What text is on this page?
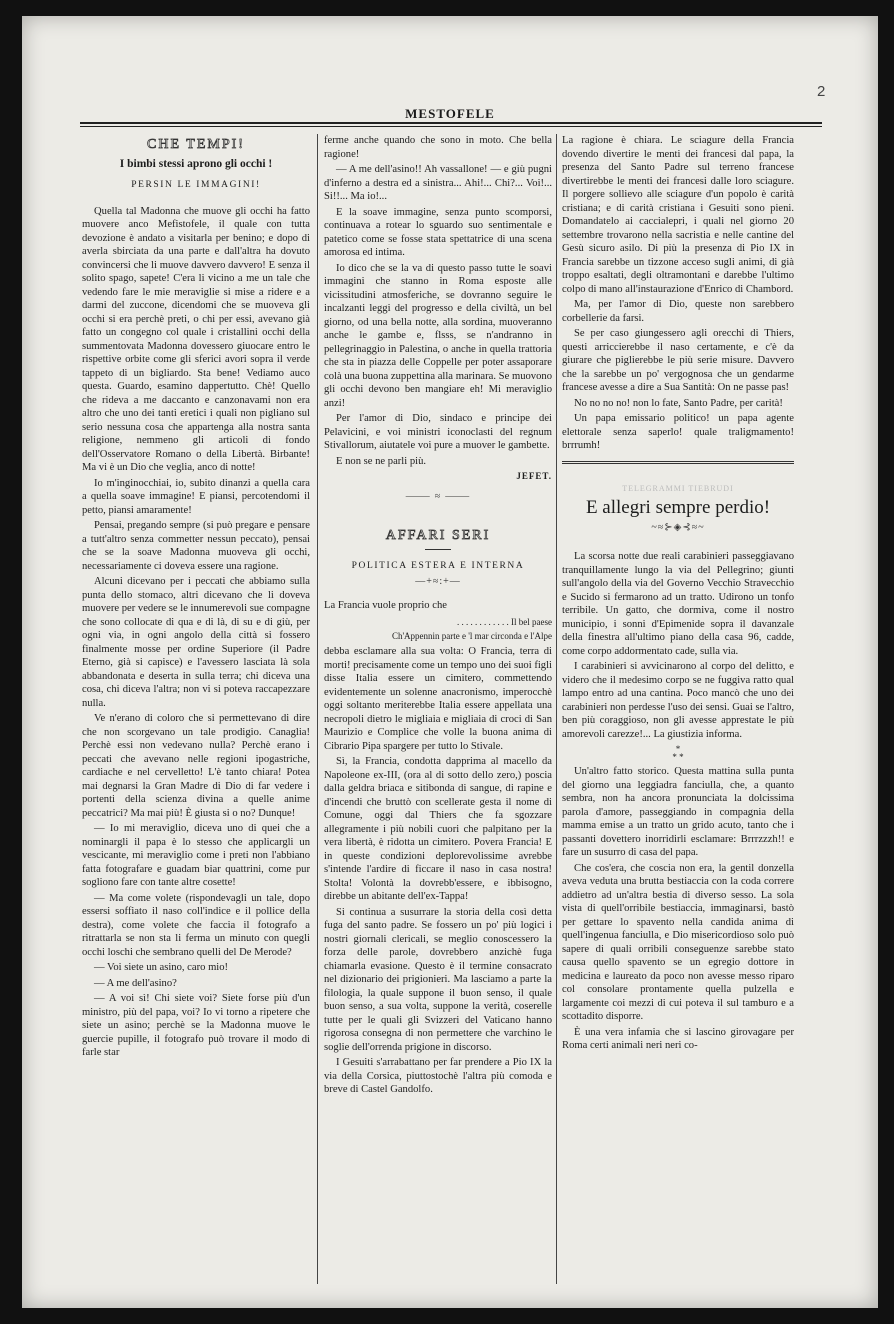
2
MESTOFELE
CHE TEMPI!
I bimbi stessi aprono gli occhi !
PERSIN LE IMMAGINI!

Quella tal Madonna che muove gli occhi ha fatto muovere anco Mefistofele, il quale con tutta devozione è andato a visitarla per benino; e dopo di averla sbirciata da una parte e dall'altra ha dovuto convincersi che li muove davvero davvero! E senza il solito spago, sapete! C'era li vicino a me un tale che vedendo fare le mie meraviglie si mise a ridere e a darmi del zuccone, dicendomi che se muoveva gli occhi si era perchè preti, o chi per essi, avevano già fatto un congegno col quale i cristallini occhi della summentovata Madonna dovessero giuocare entro le rispettive orbite come gli sferici avori sopra il verde tappeto di un bigliardo. Sta bene! Vediamo auco questa. Guardo, esamino dappertutto. Chè! Quello che rideva a me daccanto e canzonavami non era altro che uno dei tanti eretici i quali non pigliano sul serio nessuna cosa che appartenga alla nostra santa religione, nemmeno gli articoli di fondo dell'Osservatore Romano o della Libertà. Birbante! Ma vi è un Dio che veglia, anco di notte!

Io m'inginocchiai, io, subito dinanzi a quella cara a quella soave immagine! E piansi, percotendomi il petto, piansi amaramente!

Pensai, pregando sempre (si può pregare e pensare a tutt'altro senza commetter nessun peccato), pensai che se la soave Madonna muoveva gli occhi, necessariamente ci doveva essere una ragione.

Alcuni dicevano per i peccati che abbiamo sulla punta dello stomaco, altri dicevano che li doveva muovere per vedere se le innumerevoli sue compagne che sono collocate di qua e di là, di su e di giù, per ogni via, in ogni angolo della città si fossero finalmente mosse per ordine Superiore (il Padre Eterno, già si capisce) e l'avessero lasciata là sola abbandonata e deserta in sulla terra; chi diceva una cosa, chi diceva l'altra; non vi si poteva raccapezzare nulla.

Ve n'erano di coloro che si permettevano di dire che non scorgevano un tale prodigio. Canaglia! Perchè essi non vedevano nulla? Perchè erano i peccati che avevano nelle regioni ipogastriche, cardiache e nel cervelletto! L'è tanto chiara! Potea mai degnarsi la Gran Madre di Dio di far vedere i portenti della scienza divina a quelle anime peccatrici? Ma mai più! È giusta si o no? Dunque!

— Io mi meraviglio, diceva uno di quei che a nominargli il papa è lo stesso che applicargli un vescicante, mi meraviglio come i preti non l'abbiano fatta fotografare e guadam biar quattrini, come pur sogliono fare con tante altre cosette!

— Ma come volete (rispondevagli un tale, dopo essersi soffiato il naso coll'indice e il pollice della destra), come volete che faccia il fotografo a ritrattarla se non sta li ferma un minuto con quegli occhi loschi che sembrano quelli del De Merode?

— Voi siete un asino, caro mio!

— A me dell'asino?

— A voi sì! Chi siete voi? Siete forse più d'un ministro, più del papa, voi? Io vi torno a ripetere che siete un asino; perchè se la Madonna muove le guercie pupille, il fotografo può trovare il modo di farle star

ferme anche quando che sono in moto. Che bella ragione!

— A me dell'asino!! Ah vassallone! — e giù pugni d'inferno a destra ed a sinistra... Ahi!... Chi?... Voi!... Si!!... Ma io!...

E la soave immagine, senza punto scomporsi, continuava a rotear lo sguardo suo sentimentale e patetico come se fosse stata spettatrice di una scena amorosa ed intima.

Io dico che se la va di questo passo tutte le soavi immagini che stanno in Roma esposte alle vicissitudini atmosferiche, se dovranno seguire le incalzanti leggi del progresso e della civiltà, un bel giorno, od una bella notte, alla sordina, muoveranno anche le gambe e, flsss, se n'andranno in pellegrinaggio in Palestina, o anche in quella trattoria che sta in piazza delle Coppelle per poter assaporare colà una buona zuppettina alla marinara. Se muovono gli occhi devono ben mangiare eh! Mi meraviglio anzi!

Per l'amor di Dio, sindaco e principe dei Pelavicini, e voi ministri iconoclasti del regnum Stivallorum, aiutatele voi pure a muover le gambette.

E non se ne parli più.

JEFET.
⸻ ≈ ⸻
AFFARI SERI
POLITICA ESTERA E INTERNA
—+≈:+—
La Francia vuole proprio che
. . . . . . . . . . . . Il bel paese
Ch'Appennin parte e 'l mar circonda e l'Alpe

debba esclamare alla sua volta: O Francia, terra di morti! precisamente come un tempo uno dei suoi figli disse Italia essere un cimitero, commettendo evidentemente un solenne anacronismo, imperocchè oggi soltanto meriterebbe Italia essere appellata una necropoli dietro le migliaia e migliaia di croci di San Maurizio e Complice che volle la buona anima di Cibrario Pipa spargere per tutto lo Stivale.

Sì, la Francia, condotta dapprima al macello da Napoleone ex-III, (ora al di sotto dello zero,) poscia dalla geldra briaca e sitibonda di sangue, di rapine e d'incendi che bruttò con scellerate gesta il nome di Comune, oggi dal Thiers che fa sgozzare allegramente i più nobili cuori che palpitano per la vera libertà, è ridotta un cimitero. Povera Francia! E in queste condizioni deplorevolissime avrebbe s'intende l'ardire di ficcare il naso in casa nostra! Stolta! Volontà la dovrebb'essere, e ibbisogno, direbbe un abitante dell'ex-Tappa!

Si continua a susurrare la storia della così detta fuga del santo padre. Se fossero un po' più logici i nostri giornali clericali, se meglio conoscessero la forza delle parole, dovrebbero anzichè fuga chiamarla evasione. Questo è il termine consacrato nel dizionario dei prigionieri. Ma lasciamo a parte la filologia, la quale suppone il buon senso, il quale buon senso, a sua volta, suppone la verità, coserelle tutte per le quali gli Svizzeri del Vaticano hanno rigorosa consegna di non permettere che varchino le soglie dell'orrenda prigione in discorso.

I Gesuiti s'arrabattano per far prendere a Pio IX la via della Corsica, piuttostochè l'altra più comoda e breve di Castel Gandolfo.

La ragione è chiara. Le sciagure della Francia dovendo divertire le menti dei francesi dal papa, la presenza del Santo Padre sul terreno francese divertirebbe le menti dei francesi dalle loro sciagure. Il porgere sollievo alle sciagure d'un popolo è carità cristiana; e di carità cristiana i Gesuiti sono pieni. Domandatelo ai caccialepri, i quali nel giorno 20 settembre trovarono nella sacristia e nelle cantine del Gesù sicuro asilo. Di più la presenza di Pio IX in Francia sarebbe un tizzone acceso sugli animi, di già troppo esaltati, degli oltramontani e darebbe l'ultimo colpo di mano all'instaurazione d'Enrico di Chambord.

Ma, per l'amor di Dio, queste non sarebbero corbellerie da farsi.

Se per caso giungessero agli orecchi di Thiers, questi arriccierebbe il naso certamente, e c'è da giurare che piglierebbe le più serie misure. Davvero che la sarebbe un po' vergognosa che un gendarme francese avesse a dire a Sua Santità: On ne passe pas!

No no no no! non lo fate, Santo Padre, per carità!

Un papa emissario politico! un papa agente elettorale senza saperlo! quale traligmamento! brrrumh!

TELEGRAMMI TIEBRUDI
E allegri sempre perdio!
~≈⊱◈⊰≈~

La scorsa notte due reali carabinieri passeggiavano tranquillamente lungo la via del Pellegrino; giunti sull'angolo della via del Governo Vecchio Stravecchio e Sucido si fermarono ad un tratto. Udirono un tonfo terribile. Un gatto, che dormiva, come il nostro municipio, i sonni d'Epimenide sopra il davanzale della finestra all'ultimo piano della casa 96, cadde, come corpo addormentato cade, sulla via.

I carabinieri si avvicinarono al corpo del delitto, e videro che il medesimo corpo se ne fuggiva ratto qual lampo entro ad una cantina. Poco mancò che uno dei carabinieri non perdesse l'uso dei sensi. Guai se l'altro, ben più coraggioso, non gli avesse apprestate le più amorevoli carezze!... La giustizia informa.

*
* *

Un'altro fatto storico. Questa mattina sulla punta del giorno una leggiadra fanciulla, che, a quanto sembra, non ha ancora pronunciata la dolcissima parola d'amore, passeggiando in compagnia della mamma emise a un tratto un grido acuto, tanto che i passanti dovettero inorridirli esclamare: Brrrzzzh!! e fare un susurro di casa del papa.

Che cos'era, che coscia non era, la gentil donzella aveva veduta una brutta bestiaccia con la coda correre addietro ad un'altra bestia di diverso sesso. La sola vista di quell'orribile bestiaccia, immaginarsi, bastò per gettare lo spavento nella candida anima di quell'ingenua fanciulla, e Dio misericordioso solo può sapere di quali orribili conseguenze sarebbe stato causa quello spavento se un egregio dottore in medicina e laureato da poco non avesse messo riparo col consolare prontamente quella pulzella e largamente coi mezzi di cui poteva il sul tamburo e a scottadito disporre.

È una vera infamia che si lascino girovagare per Roma certi animali neri neri co-
